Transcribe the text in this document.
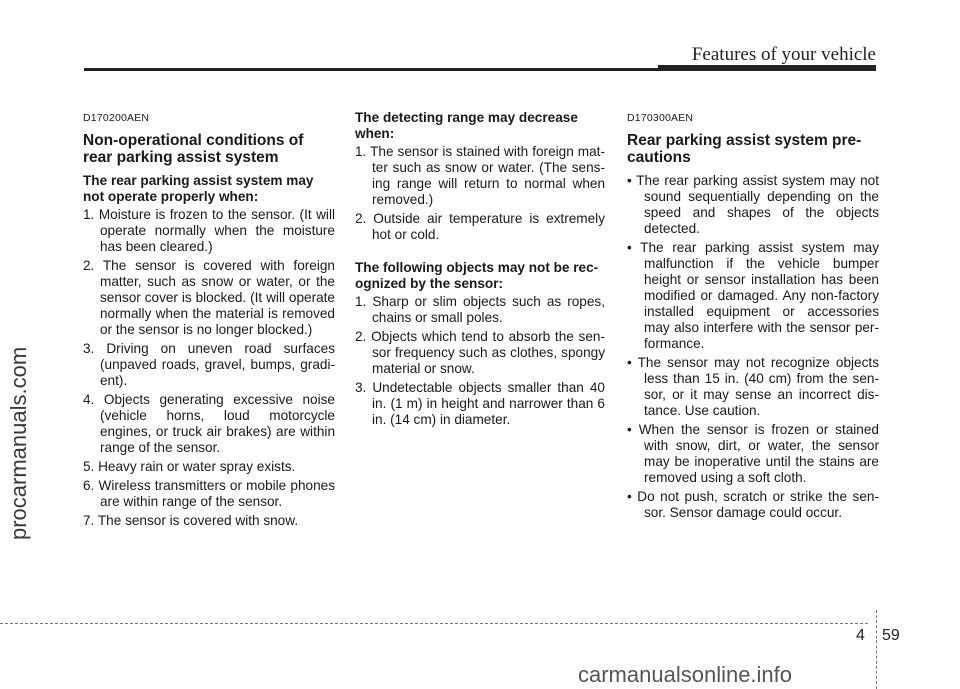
Features of your vehicle
procarmanuals.com

D170200AEN

Non-operational conditions of rear parking assist system

The rear parking assist system may not operate properly when:

1. Moisture is frozen to the sensor. (It will operate normally when the moisture has been cleared.)
2. The sensor is covered with foreign matter, such as snow or water, or the sensor cover is blocked. (It will operate normally when the material is removed or the sensor is no longer blocked.)
3. Driving on uneven road surfaces (unpaved roads, gravel, bumps, gradi-ent).
4. Objects generating excessive noise (vehicle horns, loud motorcycle engines, or truck air brakes) are within range of the sensor.
5. Heavy rain or water spray exists.
6. Wireless transmitters or mobile phones are within range of the sensor.
7. The sensor is covered with snow.

The detecting range may decrease when:

1. The sensor is stained with foreign mat-ter such as snow or water. (The sens-ing range will return to normal when removed.)
2. Outside air temperature is extremely hot or cold.

The following objects may not be rec-ognized by the sensor:

1. Sharp or slim objects such as ropes, chains or small poles.
2. Objects which tend to absorb the sen-sor frequency such as clothes, spongy material or snow.
3. Undetectable objects smaller than 40 in. (1 m) in height and narrower than 6 in. (14 cm) in diameter.

D170300AEN

Rear parking assist system pre-cautions
• The rear parking assist system may not sound sequentially depending on the speed and shapes of the objects detected.
• The rear parking assist system may malfunction if the vehicle bumper height or sensor installation has been modified or damaged. Any non-factory installed equipment or accessories may also interfere with the sensor per-formance.
• The sensor may not recognize objects less than 15 in. (40 cm) from the sen-sor, or it may sense an incorrect dis-tance. Use caution.
• When the sensor is frozen or stained with snow, dirt, or water, the sensor may be inoperative until the stains are removed using a soft cloth.
• Do not push, scratch or strike the sen-sor. Sensor damage could occur.
4 59
carmanualsonline.info
